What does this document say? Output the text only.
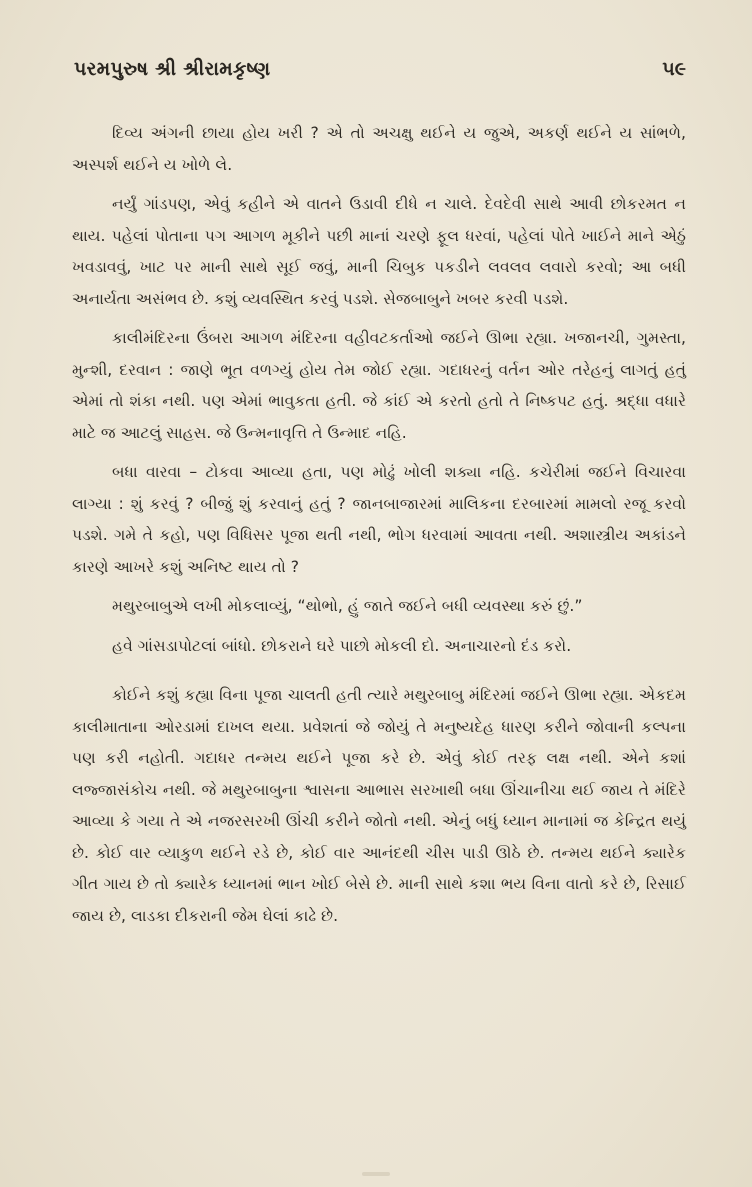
પરમપુરુષ શ્રી શ્રીરામકૃષ્ણ	૫૯

દિવ્ય અંગની છાયા હોય ખરી ? એ તો અચક્ષુ થઈને ય જુએ, અકર્ણ થઈને ય સાંભળે, અસ્પર્શ થઈને ય ખોળે લે.

નર્યું ગાંડપણ, એવું કહીને એ વાતને ઉડાવી દીધે ન ચાલે. દેવદેવી સાથે આવી છોકરમત ન થાય. પહેલાં પોતાના પગ આગળ મૂકીને પછી માનાં ચરણે ફૂલ ધરવાં, પહેલાં પોતે ખાઈને માને એઠું ખવડાવવું, ખાટ પર માની સાથે સૂઈ જવું, માની ચિબુક પકડીને લવલવ લવારો કરવો; આ બધી અનાર્યતા અસંભવ છે. કશું વ્યવસ્થિત કરવું પડશે. સેજબાબુને ખબર કરવી પડશે.

કાલીમંદિરના ઉંબરા આગળ મંદિરના વહીવટકર્તાઓ જઈને ઊભા રહ્યા. ખજાનચી, ગુમસ્તા, મુન્શી, દરવાન : જાણે ભૂત વળગ્યું હોય તેમ જોઈ રહ્યા. ગદાધરનું વર્તન ઓર તરેહનું લાગતું હતું એમાં તો શંકા નથી. પણ એમાં ભાવુકતા હતી. જે કાંઈ એ કરતો હતો તે નિષ્કપટ હતું. શ્રદ્ધા વધારે માટે જ આટલું સાહસ. જે ઉન્મનાવૃત્તિ તે ઉન્માદ નહિ.

બધા વારવા – ટોકવા આવ્યા હતા, પણ મોઢું ખોલી શક્યા નહિ. કચેરીમાં જઈને વિચારવા લાગ્યા : શું કરવું ? બીજું શું કરવાનું હતું ? જાનબાજારમાં માલિકના દરબારમાં મામલો રજૂ કરવો પડશે. ગમે તે કહો, પણ વિધિસર પૂજા થતી નથી, ભોગ ધરવામાં આવતા નથી. અશાસ્ત્રીય અકાંડને કારણે આખરે કશું અનિષ્ટ થાય તો ?

મથુરબાબુએ લખી મોકલાવ્યું, “થોભો, હું જાતે જઈને બધી વ્યવસ્થા કરું છું.”

હવે ગાંસડાપોટલાં બાંધો. છોકરાને ઘરે પાછો મોકલી દો. અનાચારનો દંડ કરો.

કોઈને કશું કહ્યા વિના પૂજા ચાલતી હતી ત્યારે મથુરબાબુ મંદિરમાં જઈને ઊભા રહ્યા. એકદમ કાલીમાતાના ઓરડામાં દાખલ થયા. પ્રવેશતાં જે જોયું તે મનુષ્યદેહ ધારણ કરીને જોવાની કલ્પના પણ કરી નહોતી. ગદાધર તન્મય થઈને પૂજા કરે છે. એવું કોઈ તરફ લક્ષ નથી. એને કશાં લજ્જાસંકોચ નથી. જે મથુરબાબુના શ્વાસના આભાસ સરખાથી બધા ઊંચાનીચા થઈ જાય તે મંદિરે આવ્યા કે ગયા તે એ નજરસરખી ઊંચી કરીને જોતો નથી. એનું બધું ધ્યાન માનામાં જ કેન્દ્રિત થયું છે. કોઈ વાર વ્યાકુળ થઈને રડે છે, કોઈ વાર આનંદથી ચીસ પાડી ઊઠે છે. તન્મય થઈને ક્યારેક ગીત ગાય છે તો ક્યારેક ધ્યાનમાં ભાન ખોઈ બેસે છે. માની સાથે કશા ભય વિના વાતો કરે છે, રિસાઈ જાય છે, લાડકા દીકરાની જેમ ઘેલાં કાઢે છે.
